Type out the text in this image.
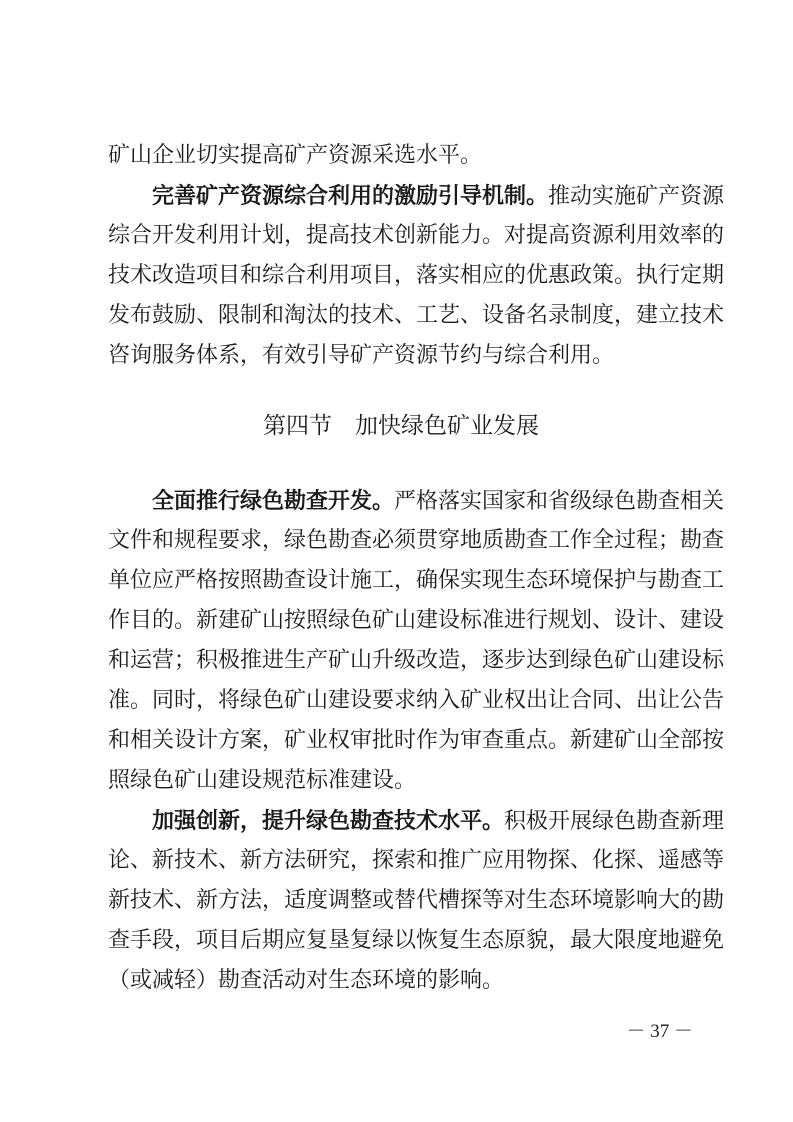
矿山企业切实提高矿产资源采选水平。
完善矿产资源综合利用的激励引导机制。推动实施矿产资源
综合开发利用计划，提高技术创新能力。对提高资源利用效率的
技术改造项目和综合利用项目，落实相应的优惠政策。执行定期
发布鼓励、限制和淘汰的技术、工艺、设备名录制度，建立技术
咨询服务体系，有效引导矿产资源节约与综合利用。
第四节　加快绿色矿业发展
全面推行绿色勘查开发。严格落实国家和省级绿色勘查相关
文件和规程要求，绿色勘查必须贯穿地质勘查工作全过程；勘查
单位应严格按照勘查设计施工，确保实现生态环境保护与勘查工
作目的。新建矿山按照绿色矿山建设标准进行规划、设计、建设
和运营；积极推进生产矿山升级改造，逐步达到绿色矿山建设标
准。同时，将绿色矿山建设要求纳入矿业权出让合同、出让公告
和相关设计方案，矿业权审批时作为审查重点。新建矿山全部按
照绿色矿山建设规范标准建设。
加强创新，提升绿色勘查技术水平。积极开展绿色勘查新理
论、新技术、新方法研究，探索和推广应用物探、化探、遥感等
新技术、新方法，适度调整或替代槽探等对生态环境影响大的勘
查手段，项目后期应复垦复绿以恢复生态原貌，最大限度地避免
（或减轻）勘查活动对生态环境的影响。
－ 37 －
